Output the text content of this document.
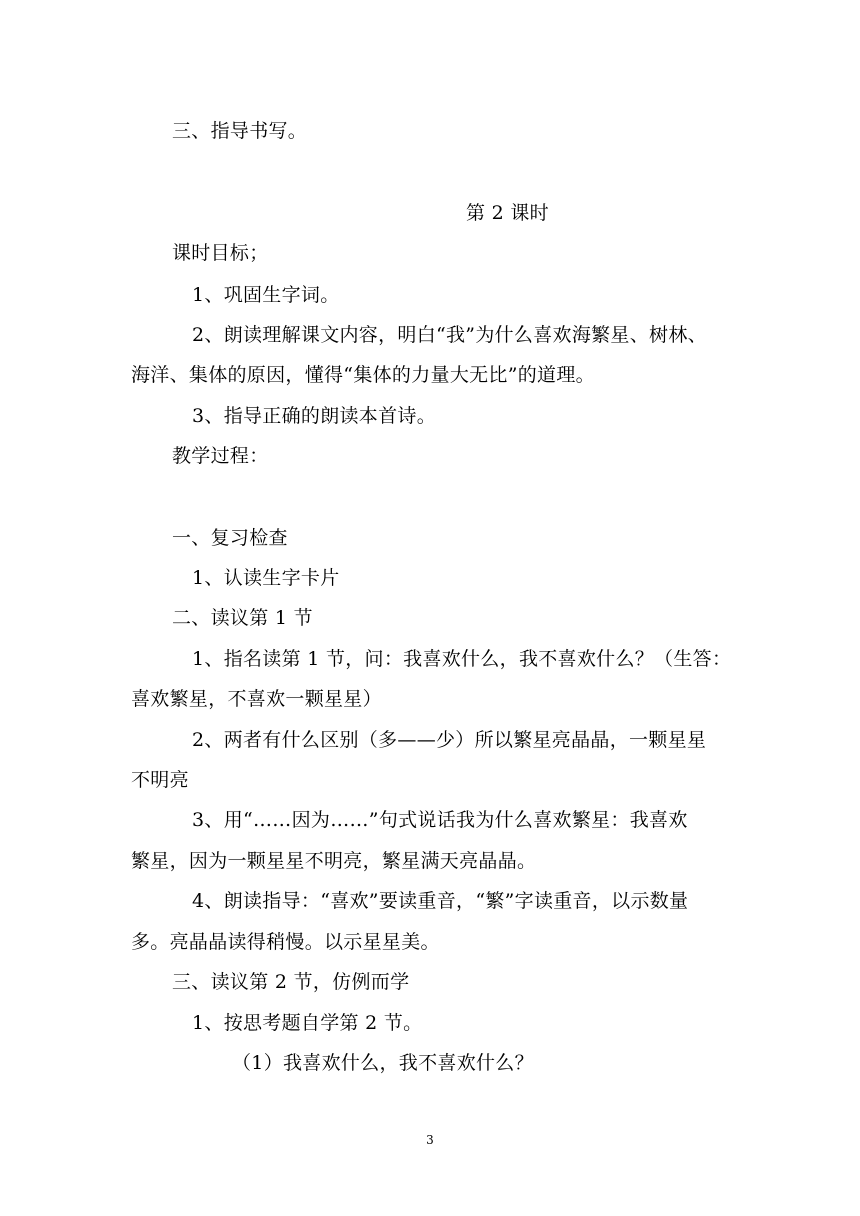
三、指导书写。
第 2 课时
课时目标；
1、巩固生字词。
2、朗读理解课文内容，明白“我”为什么喜欢海繁星、树林、
海洋、集体的原因，懂得“集体的力量大无比”的道理。
3、指导正确的朗读本首诗。
教学过程：
一、复习检查
1、认读生字卡片
二、读议第 1 节
1、指名读第 1 节，问：我喜欢什么，我不喜欢什么？（生答：
喜欢繁星，不喜欢一颗星星）
2、两者有什么区别（多——少）所以繁星亮晶晶，一颗星星
不明亮
3、用“……因为……”句式说话我为什么喜欢繁星：我喜欢
繁星，因为一颗星星不明亮，繁星满天亮晶晶。
4、朗读指导：“喜欢”要读重音，“繁”字读重音，以示数量
多。亮晶晶读得稍慢。以示星星美。
三、读议第 2 节，仿例而学
1、按思考题自学第 2 节。
（1）我喜欢什么，我不喜欢什么？
3
